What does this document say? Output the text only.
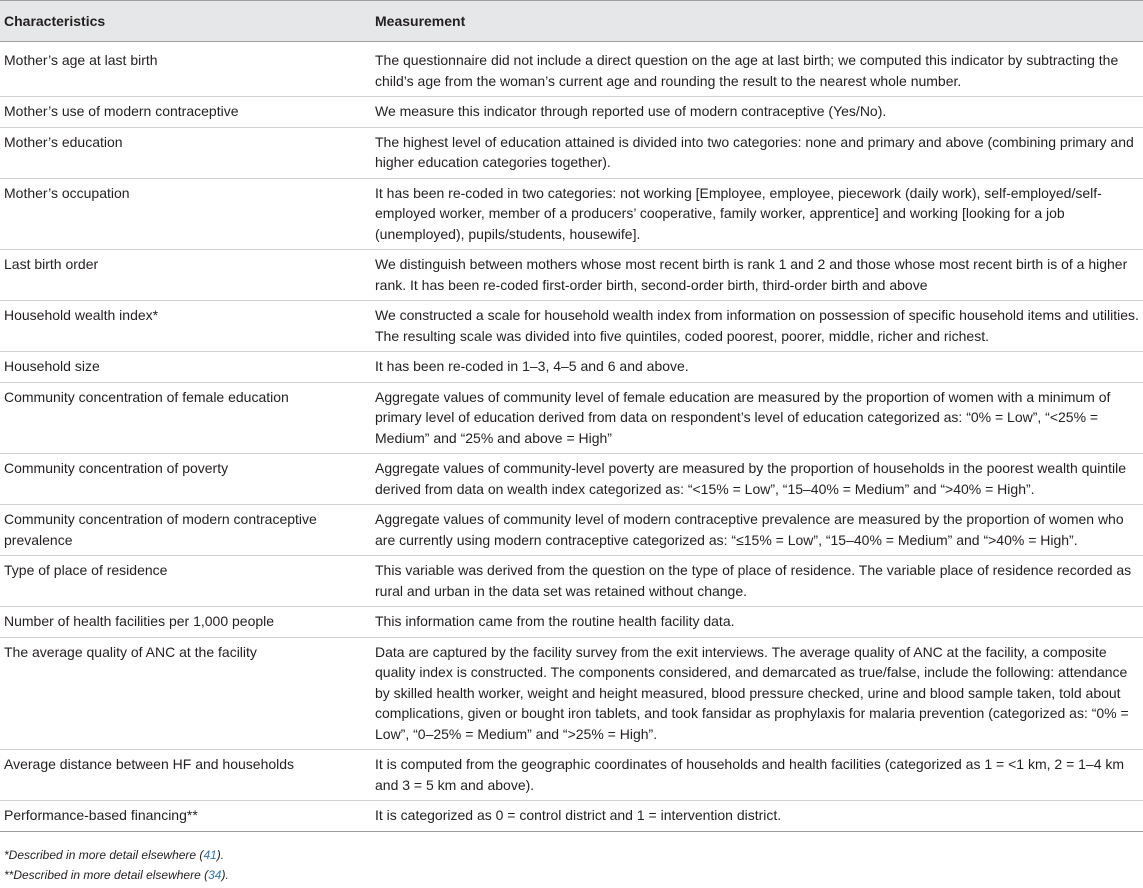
Characteristics	Measurement
Mother’s age at last birth	The questionnaire did not include a direct question on the age at last birth; we computed this indicator by subtracting the child’s age from the woman’s current age and rounding the result to the nearest whole number.
Mother’s use of modern contraceptive	We measure this indicator through reported use of modern contraceptive (Yes/No).
Mother’s education	The highest level of education attained is divided into two categories: none and primary and above (combining primary and higher education categories together).
Mother’s occupation	It has been re-coded in two categories: not working [Employee, employee, piecework (daily work), self-employed/self-employed worker, member of a producers’ cooperative, family worker, apprentice] and working [looking for a job (unemployed), pupils/students, housewife].
Last birth order	We distinguish between mothers whose most recent birth is rank 1 and 2 and those whose most recent birth is of a higher rank. It has been re-coded first-order birth, second-order birth, third-order birth and above
Household wealth index*	We constructed a scale for household wealth index from information on possession of specific household items and utilities. The resulting scale was divided into five quintiles, coded poorest, poorer, middle, richer and richest.
Household size	It has been re-coded in 1–3, 4–5 and 6 and above.
Community concentration of female education	Aggregate values of community level of female education are measured by the proportion of women with a minimum of primary level of education derived from data on respondent’s level of education categorized as: “0% = Low”, “<25% = Medium” and “25% and above = High”
Community concentration of poverty	Aggregate values of community-level poverty are measured by the proportion of households in the poorest wealth quintile derived from data on wealth index categorized as: “<15% = Low”, “15–40% = Medium” and “>40% = High”.
Community concentration of modern contraceptive prevalence	Aggregate values of community level of modern contraceptive prevalence are measured by the proportion of women who are currently using modern contraceptive categorized as: “≤15% = Low”, “15–40% = Medium” and “>40% = High”.
Type of place of residence	This variable was derived from the question on the type of place of residence. The variable place of residence recorded as rural and urban in the data set was retained without change.
Number of health facilities per 1,000 people	This information came from the routine health facility data.
The average quality of ANC at the facility	Data are captured by the facility survey from the exit interviews. The average quality of ANC at the facility, a composite quality index is constructed. The components considered, and demarcated as true/false, include the following: attendance by skilled health worker, weight and height measured, blood pressure checked, urine and blood sample taken, told about complications, given or bought iron tablets, and took fansidar as prophylaxis for malaria prevention (categorized as: “0% = Low”, “0–25% = Medium” and “>25% = High”.
Average distance between HF and households	It is computed from the geographic coordinates of households and health facilities (categorized as 1 = <1 km, 2 = 1–4 km and 3 = 5 km and above).
Performance-based financing**	It is categorized as 0 = control district and 1 = intervention district.

*Described in more detail elsewhere (41).

**Described in more detail elsewhere (34).
